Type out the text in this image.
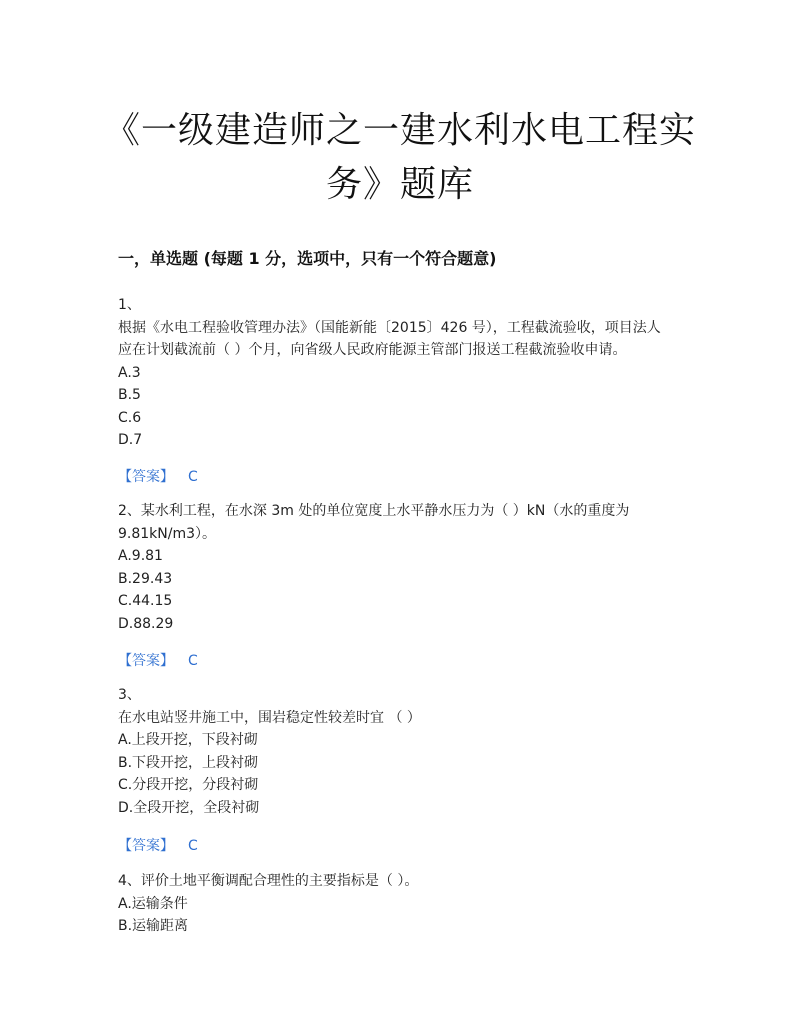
《一级建造师之一建水利水电工程实
务》题库
一，单选题 (每题 1 分，选项中，只有一个符合题意)
1、
根据《水电工程验收管理办法》（国能新能〔2015〕426 号），工程截流验收，项目法人
应在计划截流前（ ）个月，向省级人民政府能源主管部门报送工程截流验收申请。
A.3
B.5
C.6
D.7
【答案】 C
2、某水利工程，在水深 3m 处的单位宽度上水平静水压力为（ ）kN（水的重度为
9.81kN/m3）。
A.9.81
B.29.43
C.44.15
D.88.29
【答案】 C
3、
在水电站竖井施工中，围岩稳定性较差时宜 （ ）
A.上段开挖，下段衬砌
B.下段开挖，上段衬砌
C.分段开挖，分段衬砌
D.全段开挖，全段衬砌
【答案】 C
4、评价土地平衡调配合理性的主要指标是（ ）。
A.运输条件
B.运输距离
